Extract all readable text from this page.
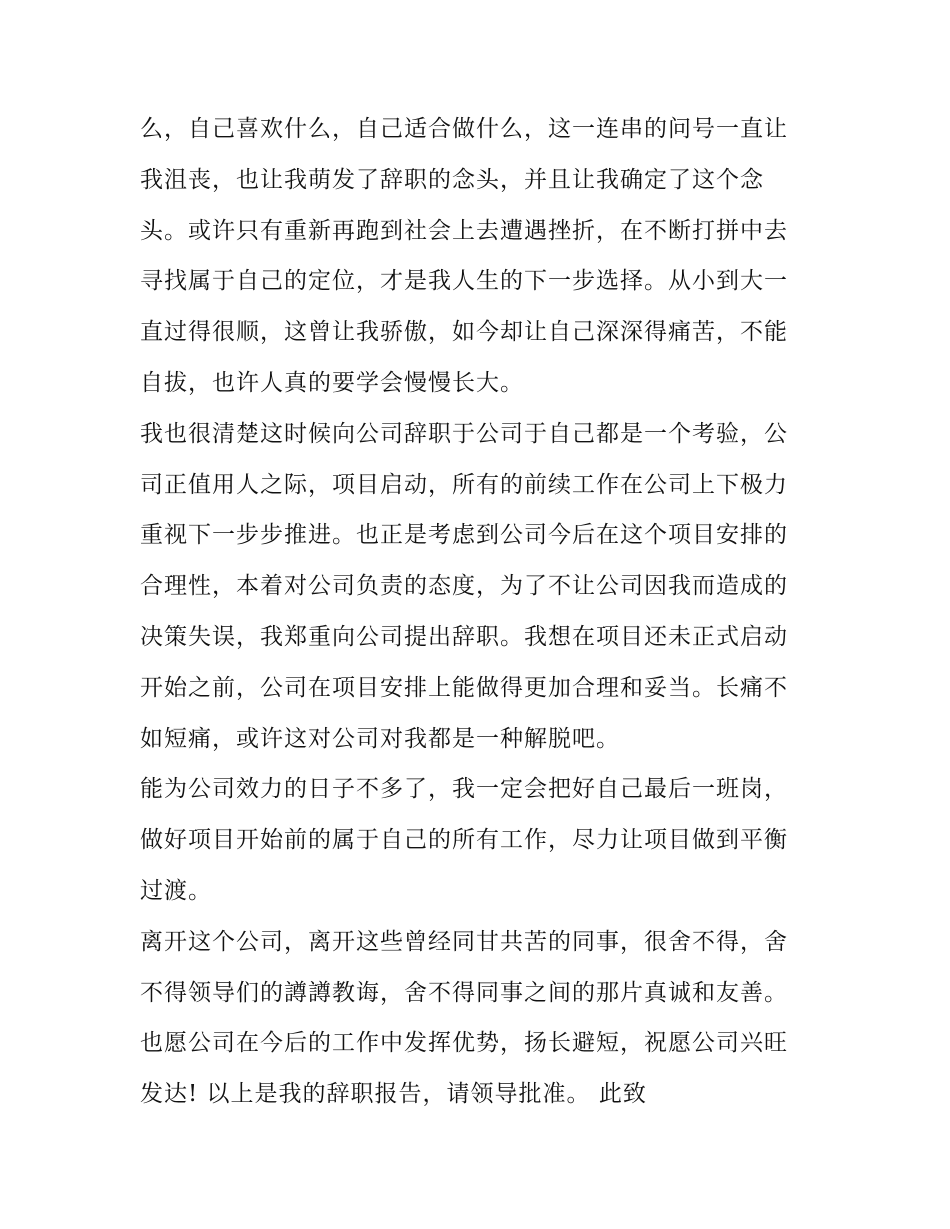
么，自己喜欢什么，自己适合做什么，这一连串的问号一直让
我沮丧，也让我萌发了辞职的念头，并且让我确定了这个念
头。或许只有重新再跑到社会上去遭遇挫折，在不断打拼中去
寻找属于自己的定位，才是我人生的下一步选择。从小到大一
直过得很顺，这曾让我骄傲，如今却让自己深深得痛苦，不能
自拔，也许人真的要学会慢慢长大。
我也很清楚这时候向公司辞职于公司于自己都是一个考验，公
司正值用人之际，项目启动，所有的前续工作在公司上下极力
重视下一步步推进。也正是考虑到公司今后在这个项目安排的
合理性，本着对公司负责的态度，为了不让公司因我而造成的
决策失误，我郑重向公司提出辞职。我想在项目还未正式启动
开始之前，公司在项目安排上能做得更加合理和妥当。长痛不
如短痛，或许这对公司对我都是一种解脱吧。
能为公司效力的日子不多了，我一定会把好自己最后一班岗，
做好项目开始前的属于自己的所有工作，尽力让项目做到平衡
过渡。
离开这个公司，离开这些曾经同甘共苦的同事，很舍不得，舍
不得领导们的譐譐教诲，舍不得同事之间的那片真诚和友善。
也愿公司在今后的工作中发挥优势，扬长避短，祝愿公司兴旺
发达! 以上是我的辞职报告，请领导批准。 此致
